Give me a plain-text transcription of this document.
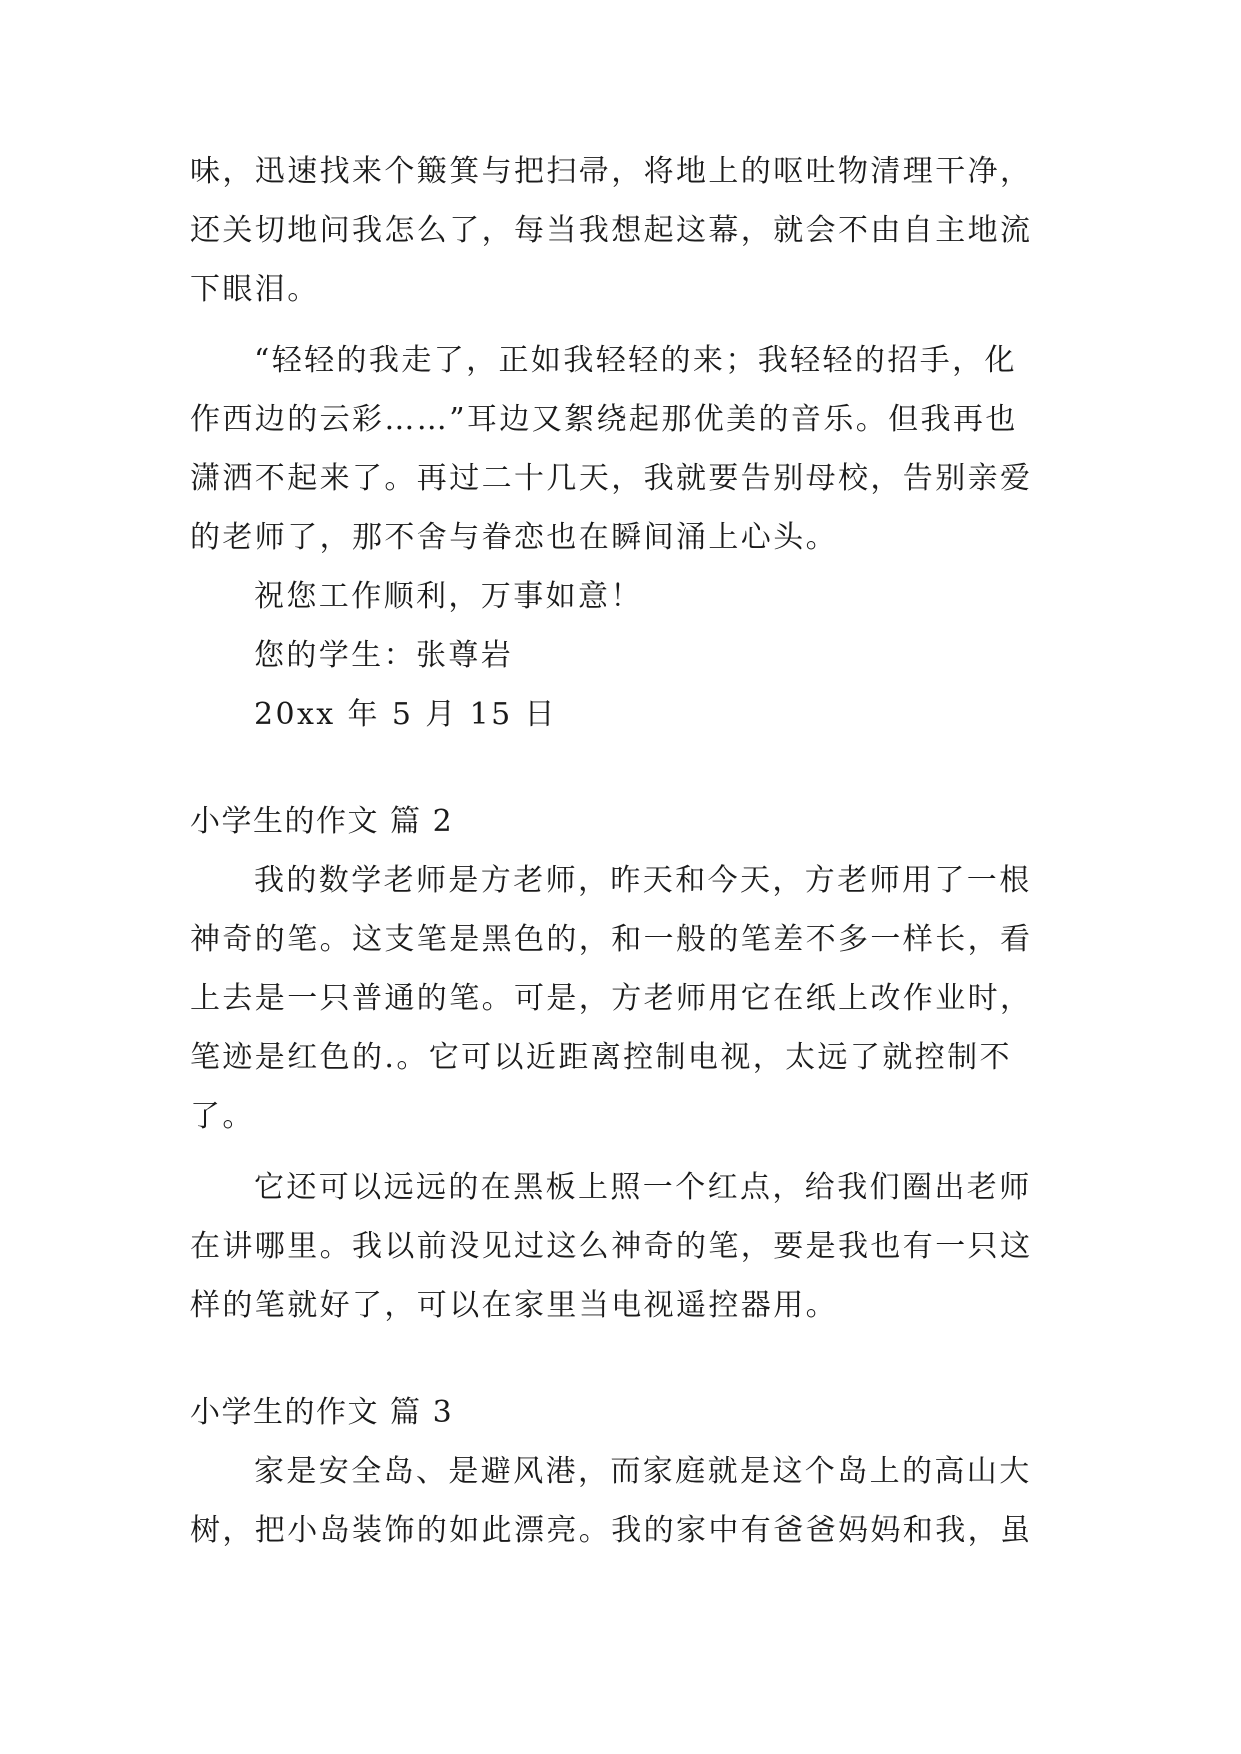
味，迅速找来个簸箕与把扫帚，将地上的呕吐物清理干净，
还关切地问我怎么了，每当我想起这幕，就会不由自主地流
下眼泪。
“轻轻的我走了，正如我轻轻的来；我轻轻的招手，化
作西边的云彩……”耳边又絮绕起那优美的音乐。但我再也
潇洒不起来了。再过二十几天，我就要告别母校，告别亲爱
的老师了，那不舍与眷恋也在瞬间涌上心头。
祝您工作顺利，万事如意！
您的学生：张尊岩
20xx 年 5 月 15 日
小学生的作文 篇 2
我的数学老师是方老师，昨天和今天，方老师用了一根
神奇的笔。这支笔是黑色的，和一般的笔差不多一样长，看
上去是一只普通的笔。可是，方老师用它在纸上改作业时，
笔迹是红色的.。它可以近距离控制电视，太远了就控制不
了。
它还可以远远的在黑板上照一个红点，给我们圈出老师
在讲哪里。我以前没见过这么神奇的笔，要是我也有一只这
样的笔就好了，可以在家里当电视遥控器用。
小学生的作文 篇 3
家是安全岛、是避风港，而家庭就是这个岛上的高山大
树，把小岛装饰的如此漂亮。我的家中有爸爸妈妈和我，虽
